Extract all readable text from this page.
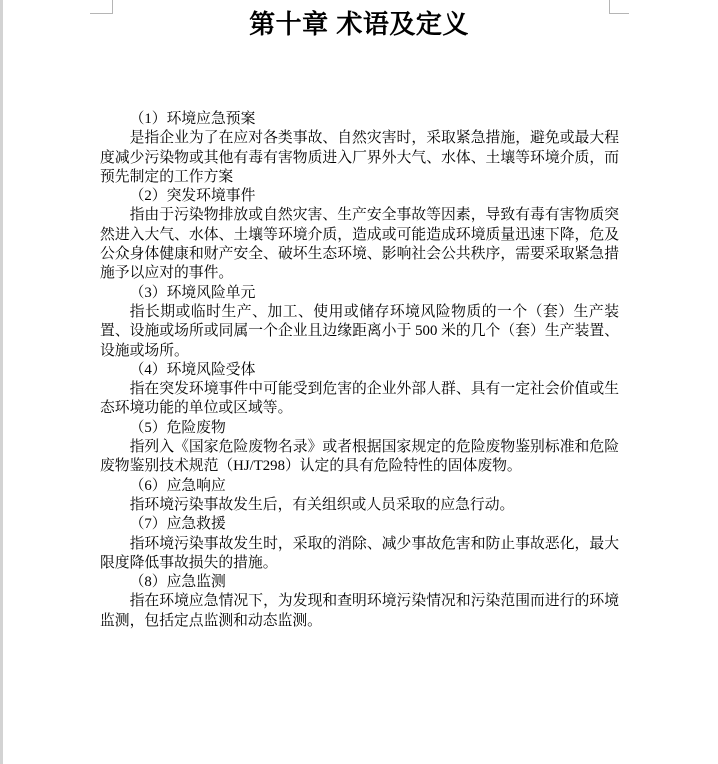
第十章 术语及定义

（1）环境应急预案

是指企业为了在应对各类事故、自然灾害时，采取紧急措施，避免或最大程度减少污染物或其他有毒有害物质进入厂界外大气、水体、土壤等环境介质，而预先制定的工作方案

（2）突发环境事件

指由于污染物排放或自然灾害、生产安全事故等因素，导致有毒有害物质突然进入大气、水体、土壤等环境介质，造成或可能造成环境质量迅速下降，危及公众身体健康和财产安全、破坏生态环境、影响社会公共秩序，需要采取紧急措施予以应对的事件。

（3）环境风险单元

指长期或临时生产、加工、使用或储存环境风险物质的一个（套）生产装置、设施或场所或同属一个企业且边缘距离小于 500 米的几个（套）生产装置、设施或场所。

（4）环境风险受体

指在突发环境事件中可能受到危害的企业外部人群、具有一定社会价值或生态环境功能的单位或区域等。

（5）危险废物

指列入《国家危险废物名录》或者根据国家规定的危险废物鉴别标准和危险废物鉴别技术规范（HJ/T298）认定的具有危险特性的固体废物。

（6）应急响应

指环境污染事故发生后，有关组织或人员采取的应急行动。

（7）应急救援

指环境污染事故发生时，采取的消除、减少事故危害和防止事故恶化，最大限度降低事故损失的措施。

（8）应急监测

指在环境应急情况下，为发现和查明环境污染情况和污染范围而进行的环境监测，包括定点监测和动态监测。
